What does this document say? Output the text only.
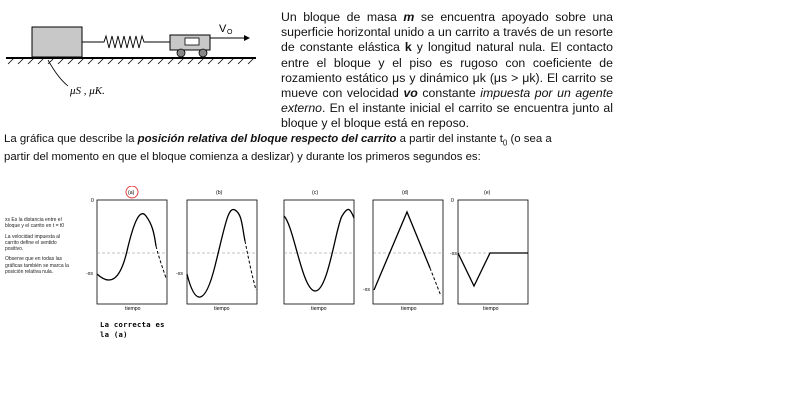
V O
μS , μK.
Un bloque de masa m se encuentra apoyado sobre una superficie horizontal unido a un carrito a través de un resorte de constante elástica k y longitud natural nula. El contacto entre el bloque y el piso es rugoso con coeficiente de rozamiento estático μs y dinámico μk (μs > μk). El carrito se mueve con velocidad vo constante impuesta por un agente externo. En el instante inicial el carrito se encuentra junto al bloque y el bloque está en reposo.
La gráfica que describe la posición relativa del bloque respecto del carrito a partir del instante $t_0$ (o sea a partir del momento en que el bloque comienza a deslizar) y durante los primeros segundos es:

xs Es la distancia entre el bloque y el carrito en t = t0

La velocidad impuesta al carrito define el sentido positivo.

Observe que en todas las gráficas también se marca la posición relativa nula.

La correcta es
la (a)
(a)
0
-xs
tiempo
(b)
-xs
tiempo
(c)
tiempo
(d)
-xs
tiempo
(e)
0
-xs
tiempo
